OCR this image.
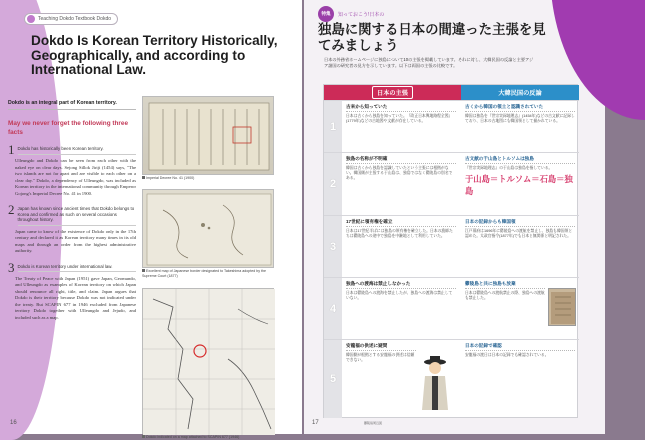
Teaching Dokdo Textbook Dokdo
Dokdo Is Korean Territory Historically, Geographically, and according to International Law.
Dokdo is an integral part of Korean territory.
May we never forget the following three facts
1 Dokdo has historically been Korean territory.
Ulleungdo and Dokdo can be seen from each other with the naked eye on clear days. Sejong Sillok Jiriji (1454) says, "The two islands are not far apart and are visible to each other on a clear day." Dokdo, a dependency of Ulleungdo, was included as Korean territory in the international community through Emperor Gojong's Imperial Decree No. 41 in 1900.
2 Japan has known since ancient times that Dokdo belongs to Korea and confirmed as such on several occasions throughout history.
Japan came to know of the existence of Dokdo only in the 17th century and declared it as Korean territory many times in its old maps and through an order from the highest administrative authority.
3 Dokdo is Korean territory under international law.
The Treaty of Peace with Japan (1951) gave Japan, Geomundo, and Ulleungdo as examples of Korean territory on which Japan should renounce all right, title, and claim. Japan argues that Dokdo is their territory because Dokdo was not indicated under the treaty. But SCAPIN 677 in 1946 excluded from Japanese territory Dokdo together with Ulleungdo and Jejudo, and included such as a map.
Imperial Decree No. 41 (1900)
Excellent map of Japanese border designated to Takeshima adopted by the Supreme Court (1877)
Dokdo indicated on a map attached to SCAPIN 677 (1946)
16
特集	知っておこう!日本の
独島に関する日本の間違った主張を見てみましょう
日本の外務省ホームページに独島について10の主張を掲載しています。それに対し、大韓民国の反論と主要アジア諸国の研究者の見方を示しています。以下は両国の主張の比較です。
日本の主張	大韓民国の反論
1
古来から知っていた
日本は古くから独島を知っていた。『改正日本輿地路程全図』(1779年)などの古地図や文献が存在している。
古くから韓国の領土と認識されていた
韓国は独島を『世宗実録地理志』(1454年)などの古文献に記録しており、日本の古地図にも韓国領として描かれている。
2
独島の名称が不明確
韓国は古くから独島を認識していたという主張には根拠がない。韓国側が主張する于山島は、独島ではなく鬱陵島の別名である。
古文献の于山島とトルソムは独島
『世宗実録地理志』の于山島は独島を指している。
于山島＝トルソム＝石島＝独島
3
17世紀に領有権を確立
日本は17世紀半ばには独島の領有権を確立した。日本の漁師たちは鬱陵島への途中で独島を中継地として利用していた。
日本の記録からも韓国領
江戸幕府は1696年に鬱陵島への渡航を禁止し、独島も韓国領と認めた。太政官指令(1877年)でも日本と無関係と明記された。
4
独島への渡海は禁止しなかった
日本は鬱陵島への渡海を禁止したが、独島への渡海は禁止していない。
鬱陵島と共に独島も放棄
日本は鬱陵島への渡航禁止の際、独島への渡航も禁止した。
5
安龍福の供述に疑問
韓国側が根拠とする安龍福の供述は信頼できない。
日本の記録で確認
安龍福の渡日は日本の記録でも確認されている。
鬱陵島周辺図
17
